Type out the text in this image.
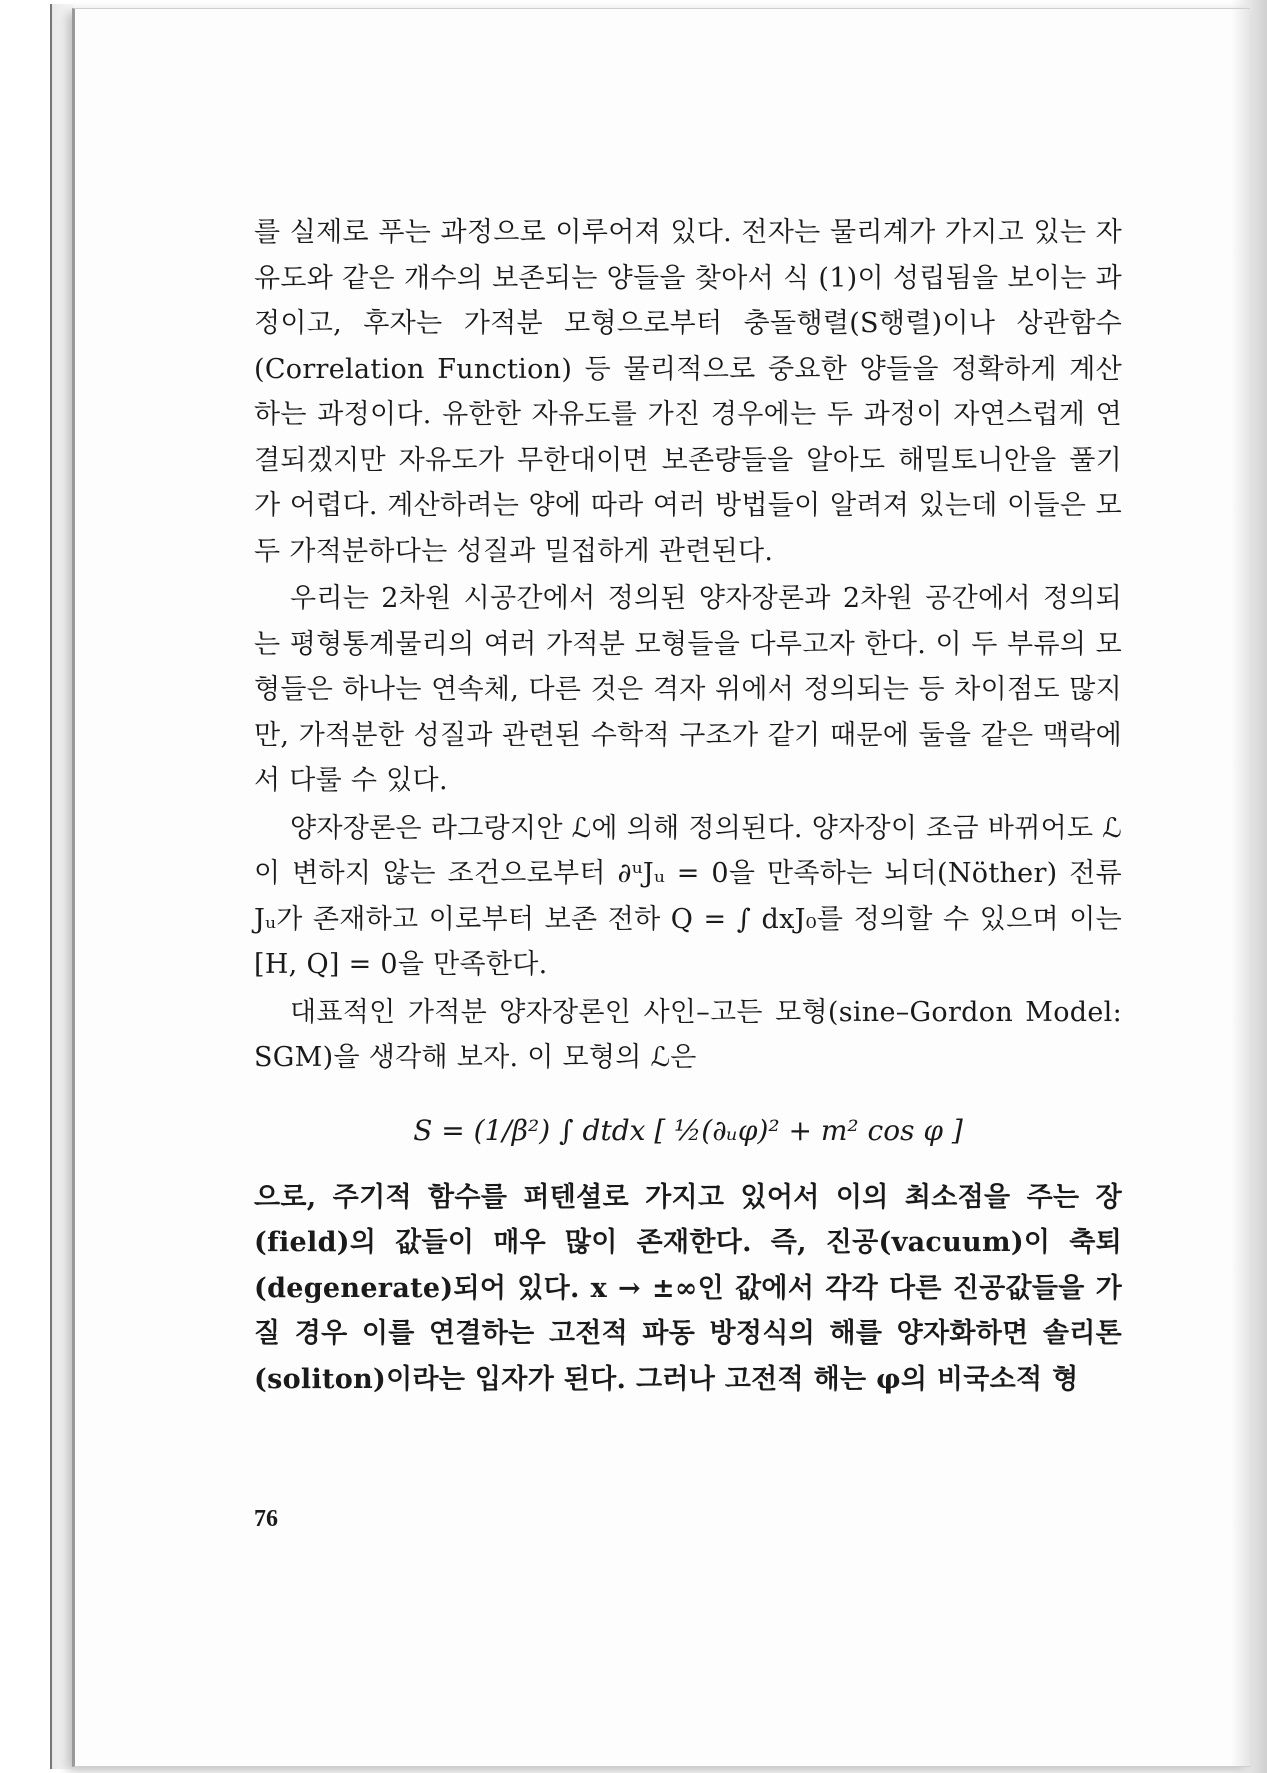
를 실제로 푸는 과정으로 이루어져 있다. 전자는 물리계가 가지고 있는 자유도와 같은 개수의 보존되는 양들을 찾아서 식 (1)이 성립됨을 보이는 과정이고, 후자는 가적분 모형으로부터 충돌행렬(S행렬)이나 상관함수(Correlation Function) 등 물리적으로 중요한 양들을 정확하게 계산하는 과정이다. 유한한 자유도를 가진 경우에는 두 과정이 자연스럽게 연결되겠지만 자유도가 무한대이면 보존량들을 알아도 해밀토니안을 풀기가 어렵다. 계산하려는 양에 따라 여러 방법들이 알려져 있는데 이들은 모두 가적분하다는 성질과 밀접하게 관련된다.

우리는 2차원 시공간에서 정의된 양자장론과 2차원 공간에서 정의되는 평형통계물리의 여러 가적분 모형들을 다루고자 한다. 이 두 부류의 모형들은 하나는 연속체, 다른 것은 격자 위에서 정의되는 등 차이점도 많지만, 가적분한 성질과 관련된 수학적 구조가 같기 때문에 둘을 같은 맥락에서 다룰 수 있다.

양자장론은 라그랑지안 ℒ에 의해 정의된다. 양자장이 조금 바뀌어도 ℒ이 변하지 않는 조건으로부터 ∂ᵘJᵤ = 0을 만족하는 뇌더(Nöther) 전류 Jᵤ가 존재하고 이로부터 보존 전하 Q = ∫ dxJ₀를 정의할 수 있으며 이는 [H, Q] = 0을 만족한다.

대표적인 가적분 양자장론인 사인–고든 모형(sine–Gordon Model: SGM)을 생각해 보자. 이 모형의 ℒ은

S = (1/β²) ∫ dtdx [ ½(∂ᵤφ)² + m² cos φ ]

으로, 주기적 함수를 퍼텐셜로 가지고 있어서 이의 최소점을 주는 장(field)의 값들이 매우 많이 존재한다. 즉, 진공(vacuum)이 축퇴(degenerate)되어 있다. x → ±∞인 값에서 각각 다른 진공값들을 가질 경우 이를 연결하는 고전적 파동 방정식의 해를 양자화하면 솔리톤(soliton)이라는 입자가 된다. 그러나 고전적 해는 φ의 비국소적 형

76
